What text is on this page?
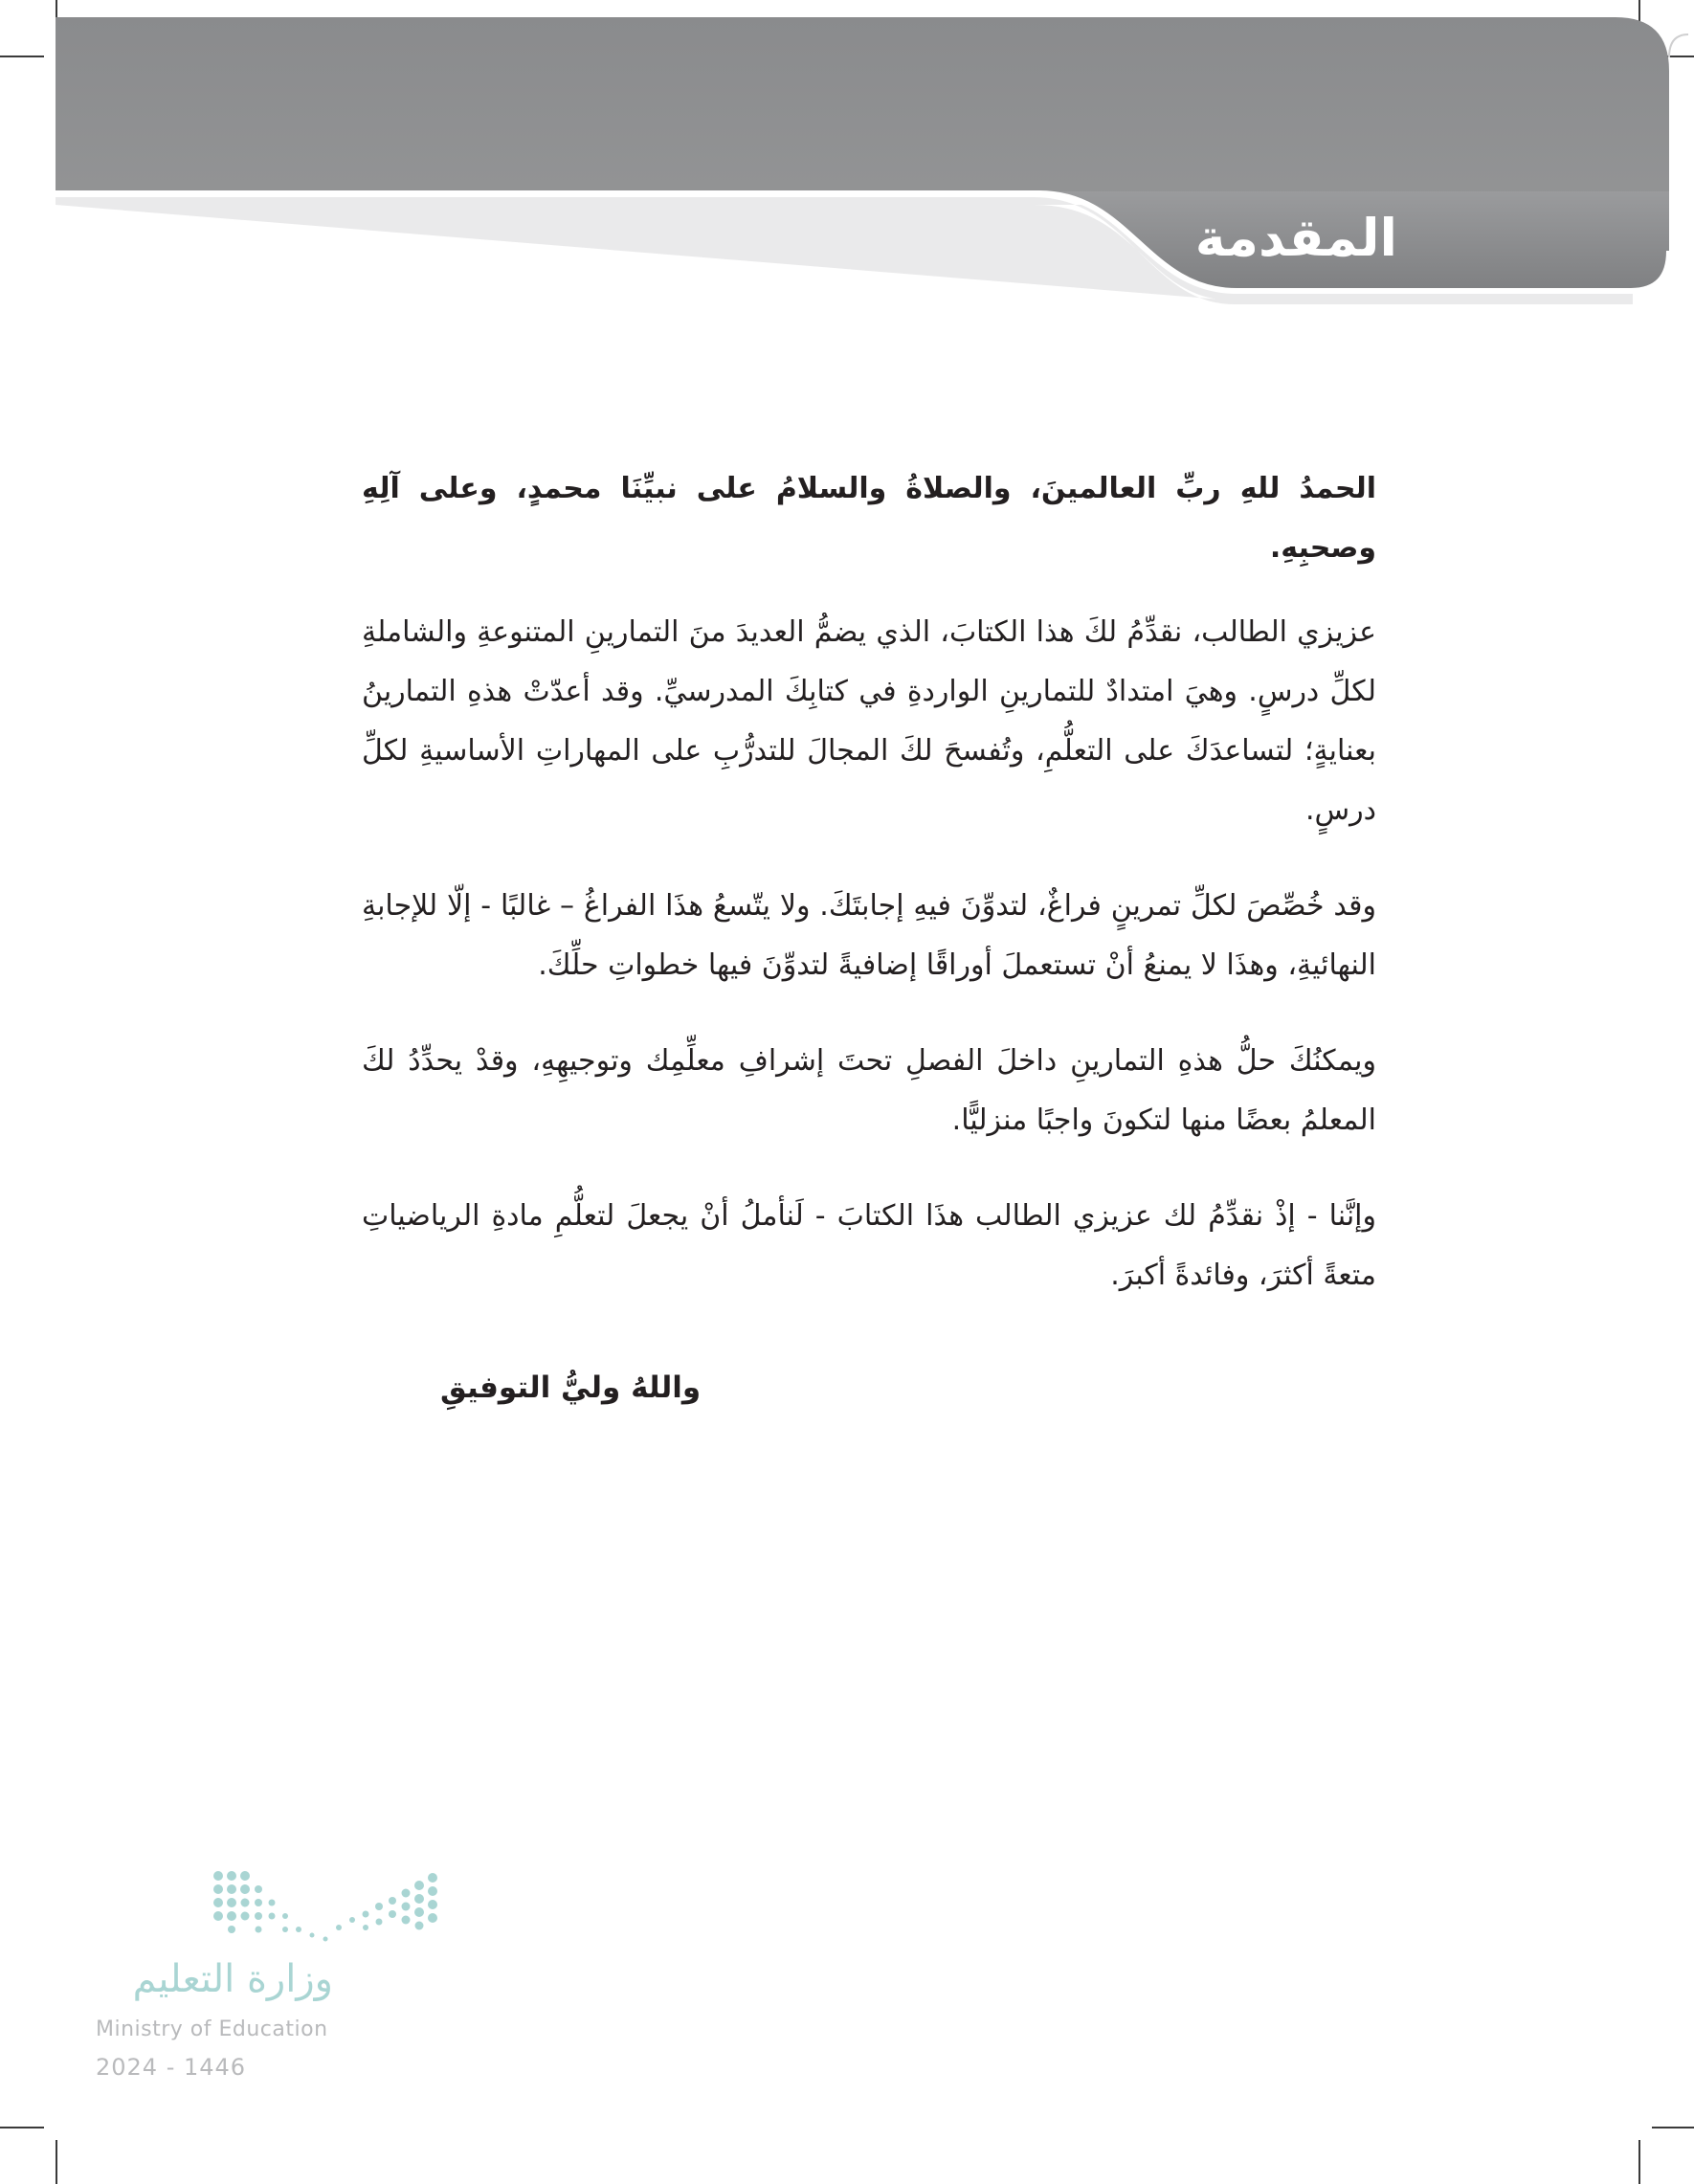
المقدمة

الحمدُ للهِ ربِّ العالمينَ، والصلاةُ والسلامُ على نبيِّنَا محمدٍ، وعلى آلِهِ وصحبِهِ.

عزيزي الطالب، نقدِّمُ لكَ هذا الكتابَ، الذي يضمُّ العديدَ منَ التمارينِ المتنوعةِ والشاملةِ لكلِّ درسٍ. وهيَ امتدادٌ للتمارينِ الواردةِ في كتابِكَ المدرسيِّ. وقد أعدّتْ هذهِ التمارينُ بعنايةٍ؛ لتساعدَكَ على التعلُّمِ، وتُفسحَ لكَ المجالَ للتدرُّبِ على المهاراتِ الأساسيةِ لكلِّ درسٍ.

وقد خُصِّصَ لكلِّ تمرينٍ فراغٌ، لتدوِّنَ فيهِ إجابتَكَ. ولا يتّسعُ هذَا الفراغُ – غالبًا - إلّا للإجابةِ النهائيةِ، وهذَا لا يمنعُ أنْ تستعملَ أوراقًا إضافيةً لتدوِّنَ فيها خطواتِ حلِّكَ.

ويمكنُكَ حلُّ هذهِ التمارينِ داخلَ الفصلِ تحتَ إشرافِ معلِّمِك وتوجيهِهِ، وقدْ يحدِّدُ لكَ المعلمُ بعضًا منها لتكونَ واجبًا منزليًّا.

وإنَّنا - إذْ نقدِّمُ لك عزيزي الطالب هذَا الكتابَ - لَنأملُ أنْ يجعلَ لتعلُّمِ مادةِ الرياضياتِ متعةً أكثرَ، وفائدةً أكبرَ.

واللهُ وليُّ التوفيقِ
وزارة التعليم
Ministry of Education
2024 - 1446
